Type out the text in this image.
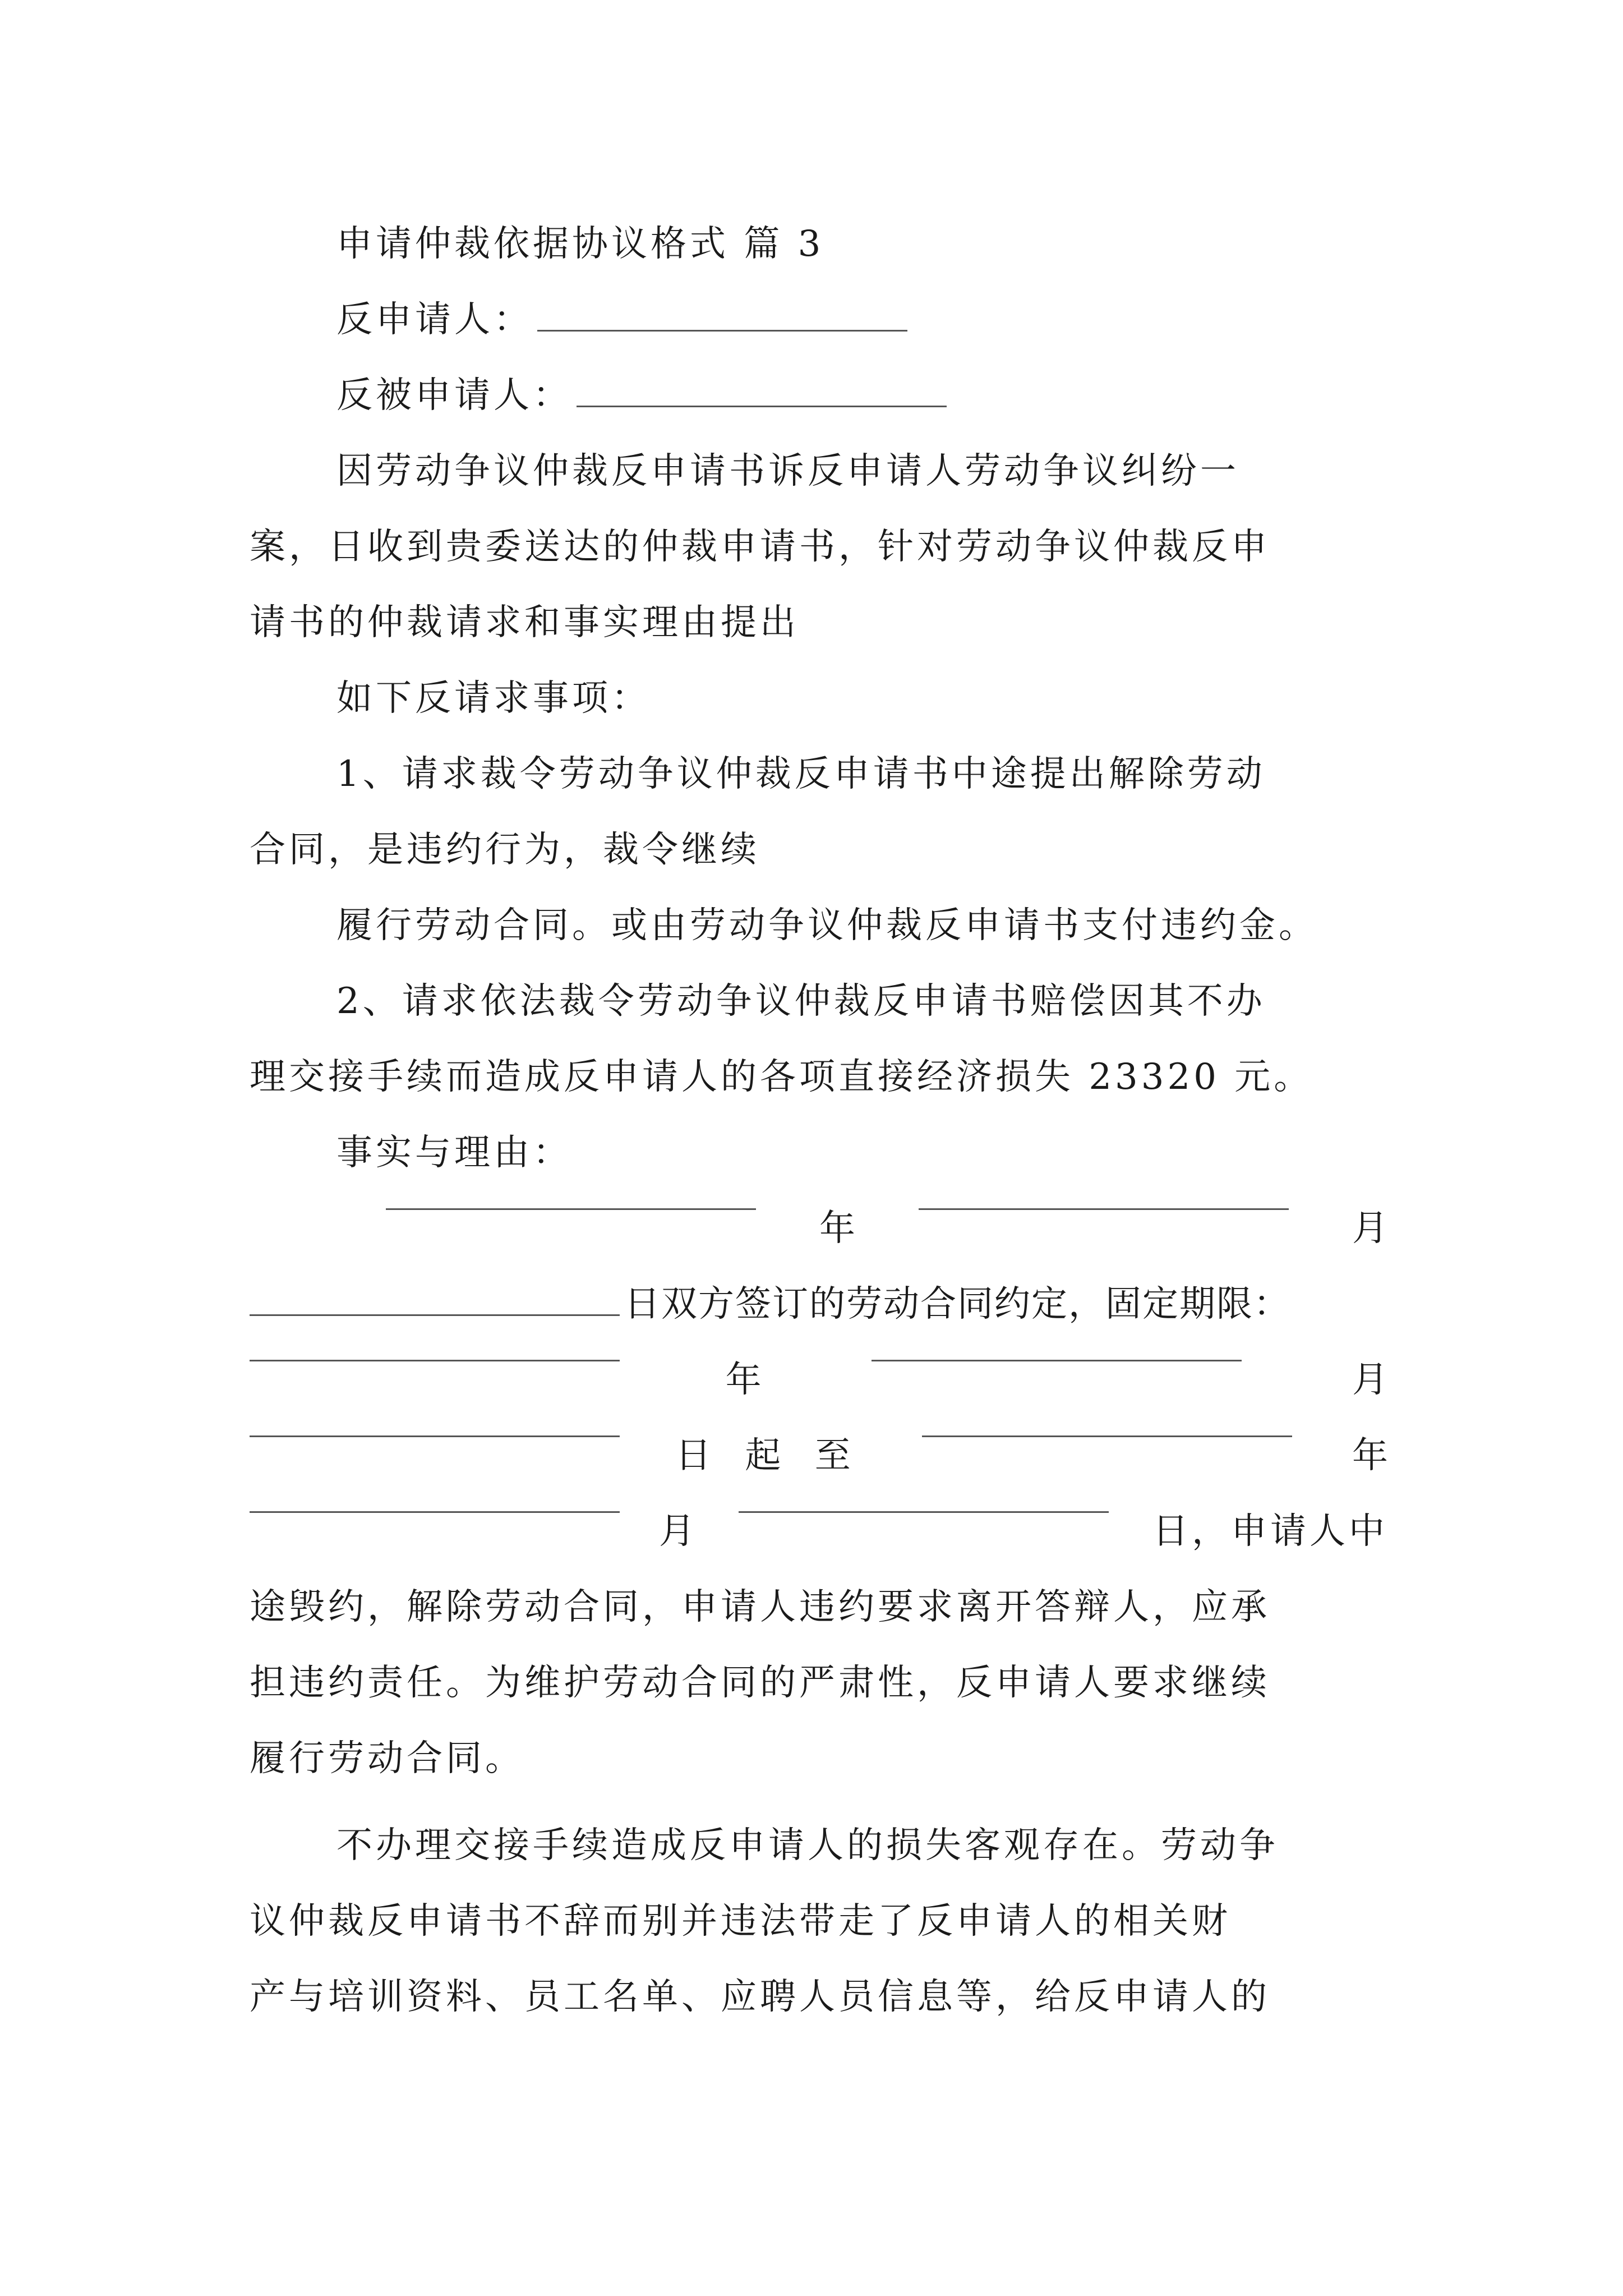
申请仲裁依据协议格式 篇 3
反申请人：
反被申请人：
因劳动争议仲裁反申请书诉反申请人劳动争议纠纷一
案，日收到贵委送达的仲裁申请书，针对劳动争议仲裁反申
请书的仲裁请求和事实理由提出
如下反请求事项：
1、请求裁令劳动争议仲裁反申请书中途提出解除劳动
合同，是违约行为，裁令继续
履行劳动合同。或由劳动争议仲裁反申请书支付违约金。
2、请求依法裁令劳动争议仲裁反申请书赔偿因其不办
理交接手续而造成反申请人的各项直接经济损失 23320 元。
事实与理由：
年	月
日双方签订的劳动合同约定，固定期限：
年	月
日 起 至	年
月	日，申请人中
途毁约，解除劳动合同，申请人违约要求离开答辩人，应承
担违约责任。为维护劳动合同的严肃性，反申请人要求继续
履行劳动合同。
不办理交接手续造成反申请人的损失客观存在。劳动争
议仲裁反申请书不辞而别并违法带走了反申请人的相关财
产与培训资料、员工名单、应聘人员信息等，给反申请人的
